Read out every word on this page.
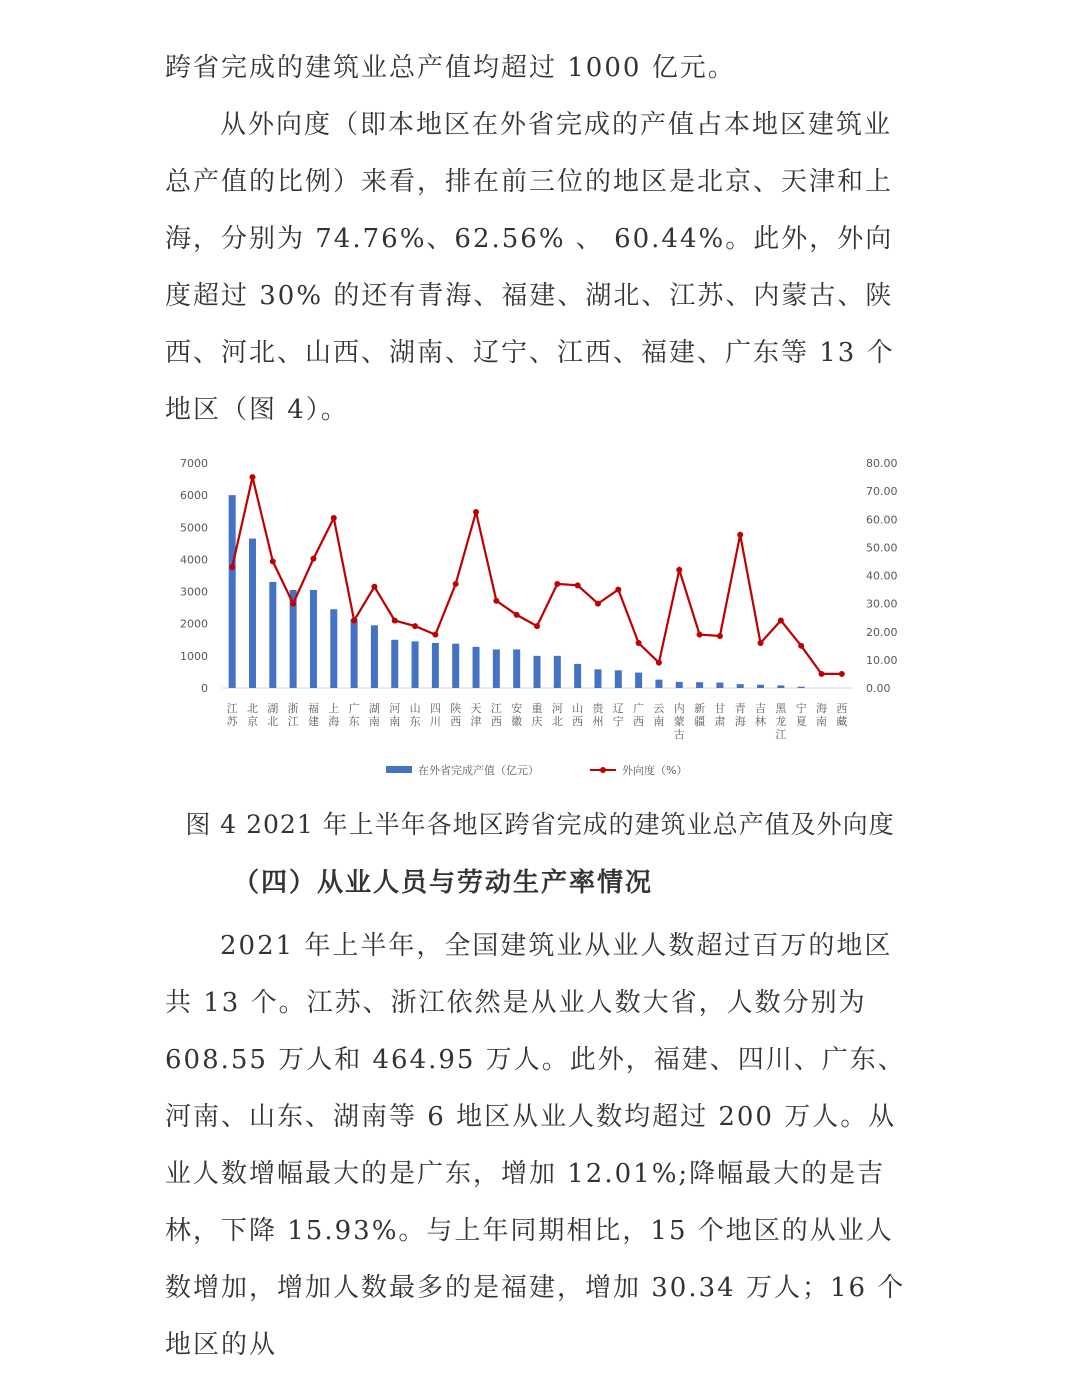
跨省完成的建筑业总产值均超过 1000 亿元。

从外向度（即本地区在外省完成的产值占本地区建筑业总产值的比例）来看，排在前三位的地区是北京、天津和上海，分别为 74.76%、62.56% 、 60.44%。此外，外向度超过 30% 的还有青海、福建、湖北、江苏、内蒙古、陕西、河北、山西、湖南、辽宁、江西、福建、广东等 13 个地区（图 4）。

0
1000
2000
3000
4000
5000
6000
7000
0.00
10.00
20.00
30.00
40.00
50.00
60.00
70.00
80.00
江苏
北京
湖北
浙江
福建
上海
广东
湖南
河南
山东
四川
陕西
天津
江西
安徽
重庆
河北
山西
贵州
辽宁
广西
云南
内蒙古
新疆
甘肃
青海
吉林
黑龙江
宁夏
海南
西藏
在外省完成产值（亿元）	外向度（%）
图 4 2021 年上半年各地区跨省完成的建筑业总产值及外向度
（四）从业人员与劳动生产率情况

2021 年上半年，全国建筑业从业人数超过百万的地区共 13 个。江苏、浙江依然是从业人数大省，人数分别为 608.55 万人和 464.95 万人。此外，福建、四川、广东、河南、山东、湖南等 6 地区从业人数均超过 200 万人。从业人数增幅最大的是广东，增加 12.01%;降幅最大的是吉林，下降 15.93%。与上年同期相比，15 个地区的从业人数增加，增加人数最多的是福建，增加 30.34 万人；16 个地区的从
